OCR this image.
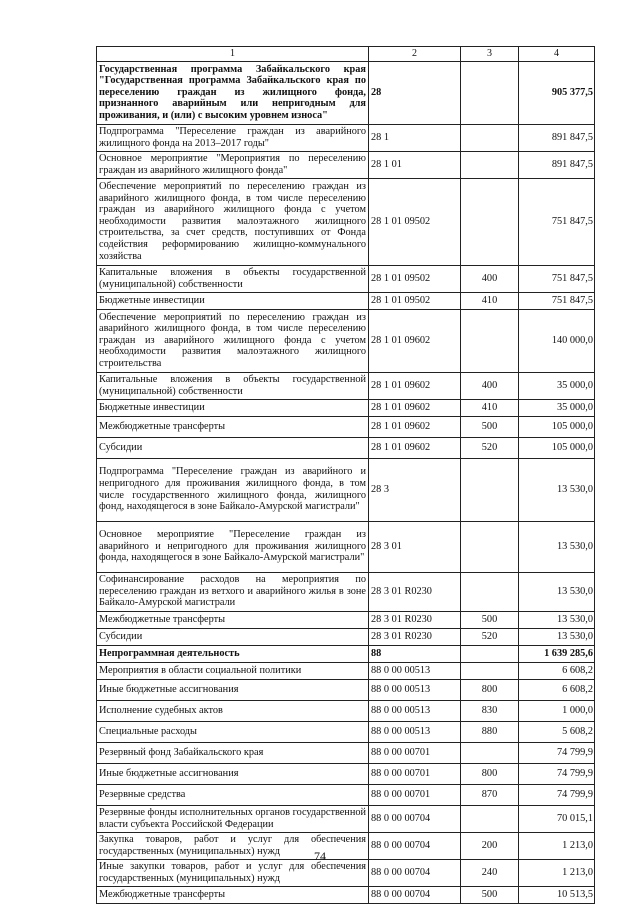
1	2	3	4
Государственная программа Забайкальского края "Государственная программа Забайкальского края по переселению граждан из жилищного фонда, признанного аварийным или непригодным для проживания, и (или) с высоким уровнем износа"	28		905 377,5
Подпрограмма "Переселение граждан из аварийного жилищного фонда на 2013–2017 годы"	28 1		891 847,5
Основное мероприятие "Мероприятия по переселению граждан из аварийного жилищного фонда"	28 1 01		891 847,5
Обеспечение мероприятий по переселению граждан из аварийного жилищного фонда, в том числе переселению граждан из аварийного жилищного фонда с учетом необходимости развития малоэтажного жилищного строительства, за счет средств, поступивших от Фонда содействия реформированию жилищно-коммунального хозяйства	28 1 01 09502		751 847,5
Капитальные вложения в объекты государственной (муниципальной) собственности	28 1 01 09502	400	751 847,5
Бюджетные инвестиции	28 1 01 09502	410	751 847,5
Обеспечение мероприятий по переселению граждан из аварийного жилищного фонда, в том числе переселению граждан из аварийного жилищного фонда с учетом необходимости развития малоэтажного жилищного строительства	28 1 01 09602		140 000,0
Капитальные вложения в объекты государственной (муниципальной) собственности	28 1 01 09602	400	35 000,0
Бюджетные инвестиции	28 1 01 09602	410	35 000,0
Межбюджетные трансферты	28 1 01 09602	500	105 000,0
Субсидии	28 1 01 09602	520	105 000,0
Подпрограмма "Переселение граждан из аварийного и непригодного для проживания жилищного фонда, в том числе государственного жилищного фонда, жилищного фонд, находящегося в зоне Байкало-Амурской магистрали"	28 3		13 530,0
Основное мероприятие "Переселение граждан из аварийного и непригодного для проживания жилищного фонда, находящегося в зоне Байкало-Амурской магистрали"	28 3 01		13 530,0
Софинансирование расходов на мероприятия по переселению граждан из ветхого и аварийного жилья в зоне Байкало-Амурской магистрали	28 3 01 R0230		13 530,0
Межбюджетные трансферты	28 3 01 R0230	500	13 530,0
Субсидии	28 3 01 R0230	520	13 530,0
Непрограммная деятельность	88		1 639 285,6
Мероприятия в области социальной политики	88 0 00 00513		6 608,2
Иные бюджетные ассигнования	88 0 00 00513	800	6 608,2
Исполнение судебных актов	88 0 00 00513	830	1 000,0
Специальные расходы	88 0 00 00513	880	5 608,2
Резервный фонд Забайкальского края	88 0 00 00701		74 799,9
Иные бюджетные ассигнования	88 0 00 00701	800	74 799,9
Резервные средства	88 0 00 00701	870	74 799,9
Резервные фонды исполнительных органов государственной власти субъекта Российской Федерации	88 0 00 00704		70 015,1
Закупка товаров, работ и услуг для обеспечения государственных (муниципальных) нужд	88 0 00 00704	200	1 213,0
Иные закупки товаров, работ и услуг для обеспечения государственных (муниципальных) нужд	88 0 00 00704	240	1 213,0
Межбюджетные трансферты	88 0 00 00704	500	10 513,5
74
